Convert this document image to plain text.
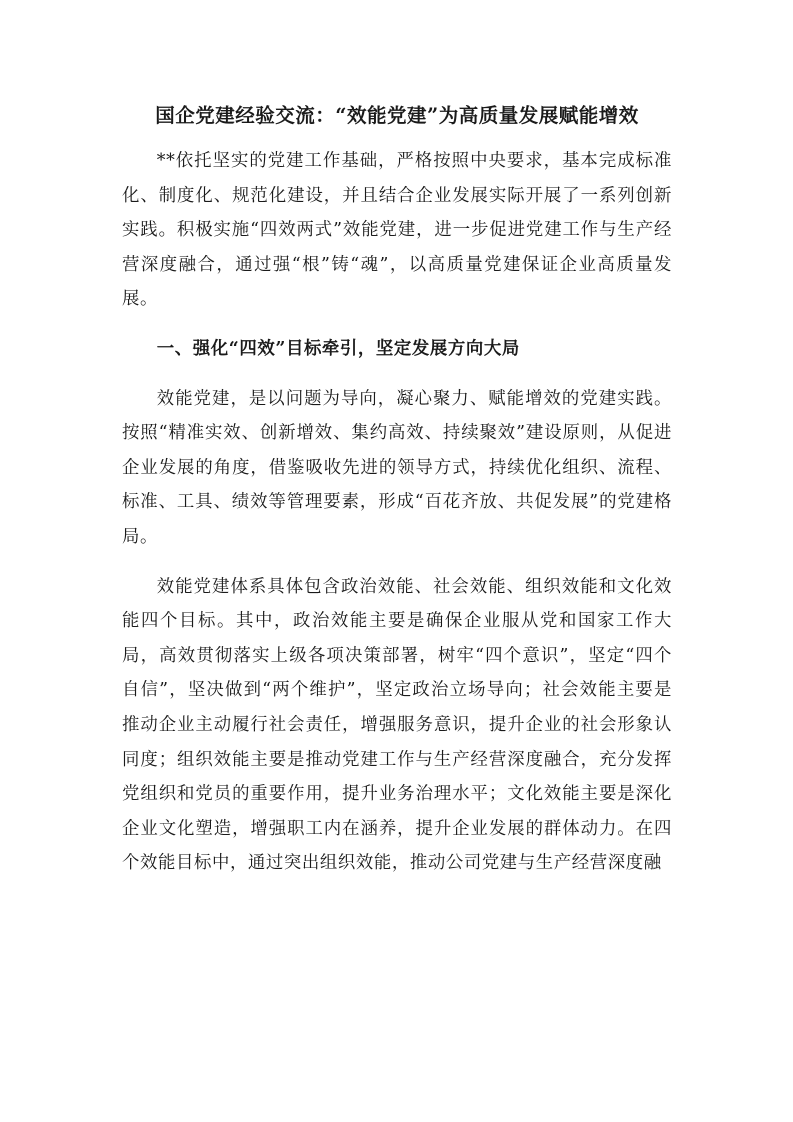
国企党建经验交流：“效能党建”为高质量发展赋能增效

**依托坚实的党建工作基础，严格按照中央要求，基本完成标准化、制度化、规范化建设，并且结合企业发展实际开展了一系列创新实践。积极实施“四效两式”效能党建，进一步促进党建工作与生产经营深度融合，通过强“根”铸“魂”，以高质量党建保证企业高质量发展。

一、强化“四效”目标牵引，坚定发展方向大局

效能党建，是以问题为导向，凝心聚力、赋能增效的党建实践。按照“精准实效、创新增效、集约高效、持续聚效”建设原则，从促进企业发展的角度，借鉴吸收先进的领导方式，持续优化组织、流程、标准、工具、绩效等管理要素，形成“百花齐放、共促发展”的党建格局。

效能党建体系具体包含政治效能、社会效能、组织效能和文化效能四个目标。其中，政治效能主要是确保企业服从党和国家工作大局，高效贯彻落实上级各项决策部署，树牢“四个意识”，坚定“四个自信”，坚决做到“两个维护”，坚定政治立场导向；社会效能主要是推动企业主动履行社会责任，增强服务意识，提升企业的社会形象认同度；组织效能主要是推动党建工作与生产经营深度融合，充分发挥党组织和党员的重要作用，提升业务治理水平；文化效能主要是深化企业文化塑造，增强职工内在涵养，提升企业发展的群体动力。在四个效能目标中，通过突出组织效能，推动公司党建与生产经营深度融
